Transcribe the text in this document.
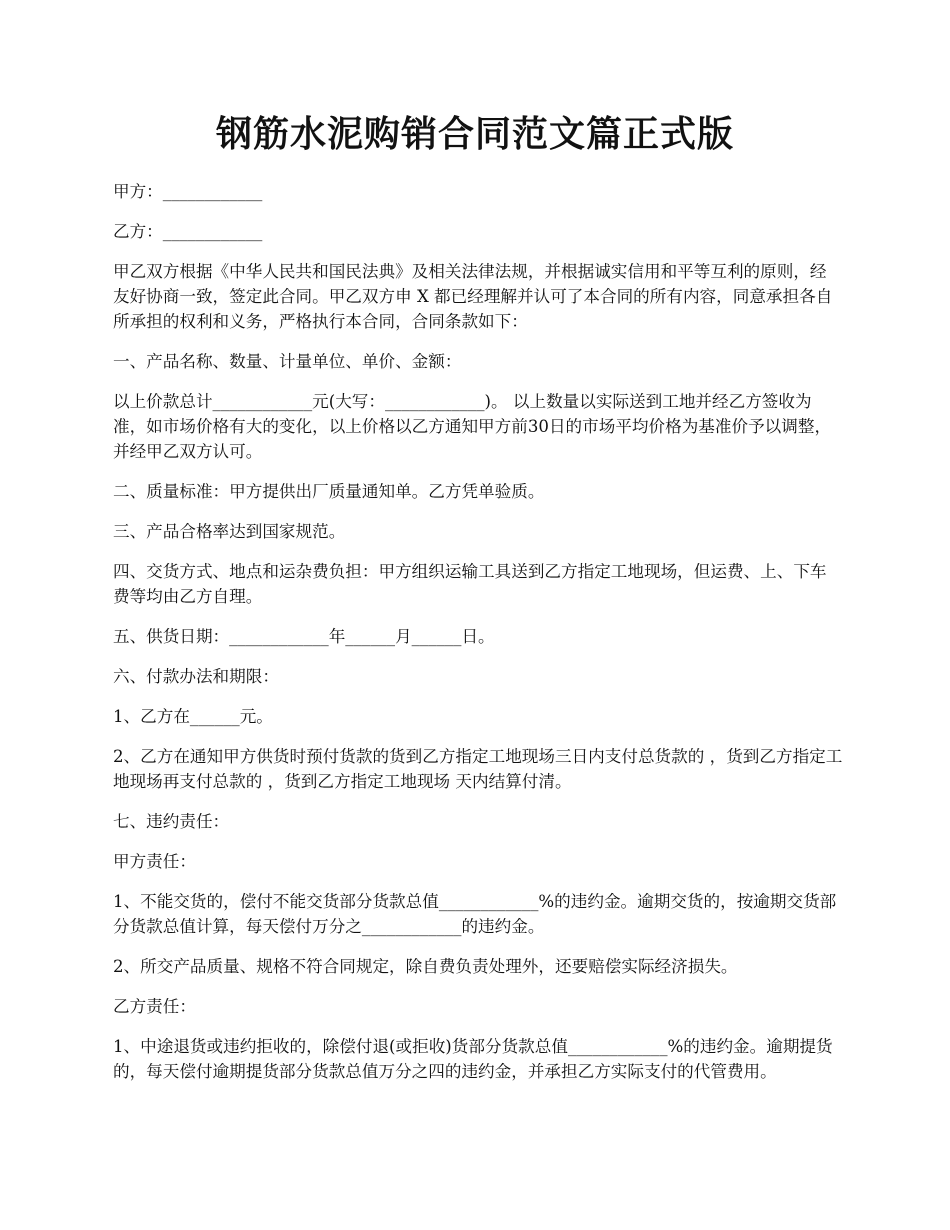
钢筋水泥购销合同范文篇正式版

甲方：____________

乙方：____________

甲乙双方根据《中华人民共和国民法典》及相关法律法规，并根据诚实信用和平等互利的原则，经友好协商一致，签定此合同。甲乙双方申 X 都已经理解并认可了本合同的所有内容，同意承担各自所承担的权利和义务，严格执行本合同，合同条款如下：

一、产品名称、数量、计量单位、单价、金额：

以上价款总计____________元(大写：____________)。 以上数量以实际送到工地并经乙方签收为准，如市场价格有大的变化，以上价格以乙方通知甲方前30日的市场平均价格为基准价予以调整，并经甲乙双方认可。

二、质量标准：甲方提供出厂质量通知单。乙方凭单验质。

三、产品合格率达到国家规范。

四、交货方式、地点和运杂费负担：甲方组织运输工具送到乙方指定工地现场，但运费、上、下车费等均由乙方自理。

五、供货日期：____________年______月______日。

六、付款办法和期限：

1、乙方在______元。

2、乙方在通知甲方供货时预付货款的货到乙方指定工地现场三日内支付总货款的 ，货到乙方指定工地现场再支付总款的 ，货到乙方指定工地现场 天内结算付清。

七、违约责任：

甲方责任：

1、不能交货的，偿付不能交货部分货款总值____________%的违约金。逾期交货的，按逾期交货部分货款总值计算，每天偿付万分之____________的违约金。

2、所交产品质量、规格不符合同规定，除自费负责处理外，还要赔偿实际经济损失。

乙方责任：

1、中途退货或违约拒收的，除偿付退(或拒收)货部分货款总值____________%的违约金。逾期提货的，每天偿付逾期提货部分货款总值万分之四的违约金，并承担乙方实际支付的代管费用。
